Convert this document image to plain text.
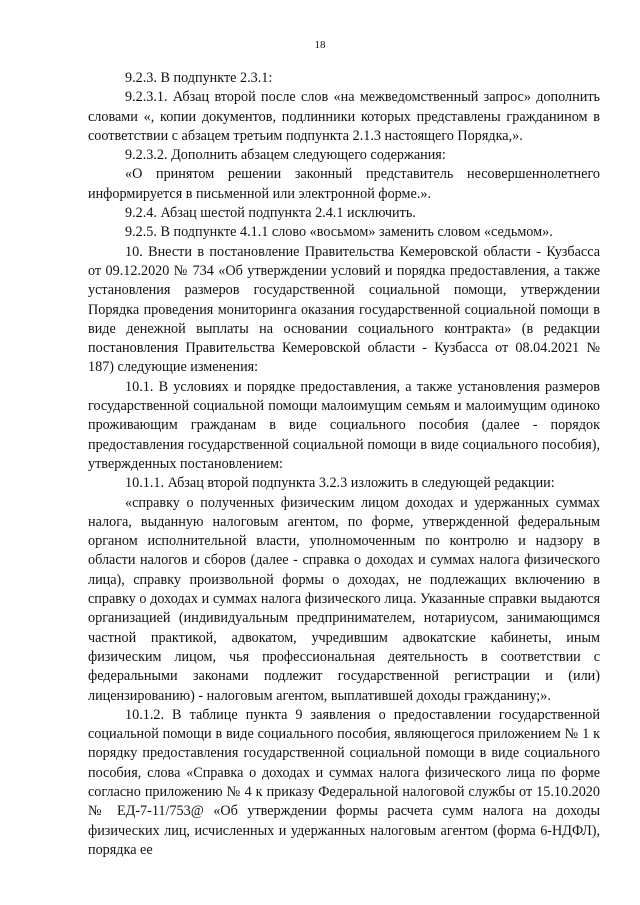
18

9.2.3. В подпункте 2.3.1:

9.2.3.1. Абзац второй после слов «на межведомственный запрос» дополнить словами «, копии документов, подлинники которых представлены гражданином в соответствии с абзацем третьим подпункта 2.1.3 настоящего Порядка,».

9.2.3.2. Дополнить абзацем следующего содержания:

«О принятом решении законный представитель несовершеннолетнего информируется в письменной или электронной форме.».

9.2.4. Абзац шестой подпункта 2.4.1 исключить.

9.2.5. В подпункте 4.1.1 слово «восьмом» заменить словом «седьмом».

10. Внести в постановление Правительства Кемеровской области - Кузбасса от 09.12.2020 № 734 «Об утверждении условий и порядка предоставления, а также установления размеров государственной социальной помощи, утверждении Порядка проведения мониторинга оказания государственной социальной помощи в виде денежной выплаты на основании социального контракта» (в редакции постановления Правительства Кемеровской области - Кузбасса от 08.04.2021 № 187) следующие изменения:

10.1. В условиях и порядке предоставления, а также установления размеров государственной социальной помощи малоимущим семьям и малоимущим одиноко проживающим гражданам в виде социального пособия (далее - порядок предоставления государственной социальной помощи в виде социального пособия), утвержденных постановлением:

10.1.1. Абзац второй подпункта 3.2.3 изложить в следующей редакции:

«справку о полученных физическим лицом доходах и удержанных суммах налога, выданную налоговым агентом, по форме, утвержденной федеральным органом исполнительной власти, уполномоченным по контролю и надзору в области налогов и сборов (далее - справка о доходах и суммах налога физического лица), справку произвольной формы о доходах, не подлежащих включению в справку о доходах и суммах налога физического лица. Указанные справки выдаются организацией (индивидуальным предпринимателем, нотариусом, занимающимся частной практикой, адвокатом, учредившим адвокатские кабинеты, иным физическим лицом, чья профессиональная деятельность в соответствии с федеральными законами подлежит государственной регистрации и (или) лицензированию) - налоговым агентом, выплатившей доходы гражданину;».

10.1.2. В таблице пункта 9 заявления о предоставлении государственной социальной помощи в виде социального пособия, являющегося приложением № 1 к порядку предоставления государственной социальной помощи в виде социального пособия, слова «Справка о доходах и суммах налога физического лица по форме согласно приложению № 4 к приказу Федеральной налоговой службы от 15.10.2020 № ЕД-7-11/753@ «Об утверждении формы расчета сумм налога на доходы физических лиц, исчисленных и удержанных налоговым агентом (форма 6-НДФЛ), порядка ее
